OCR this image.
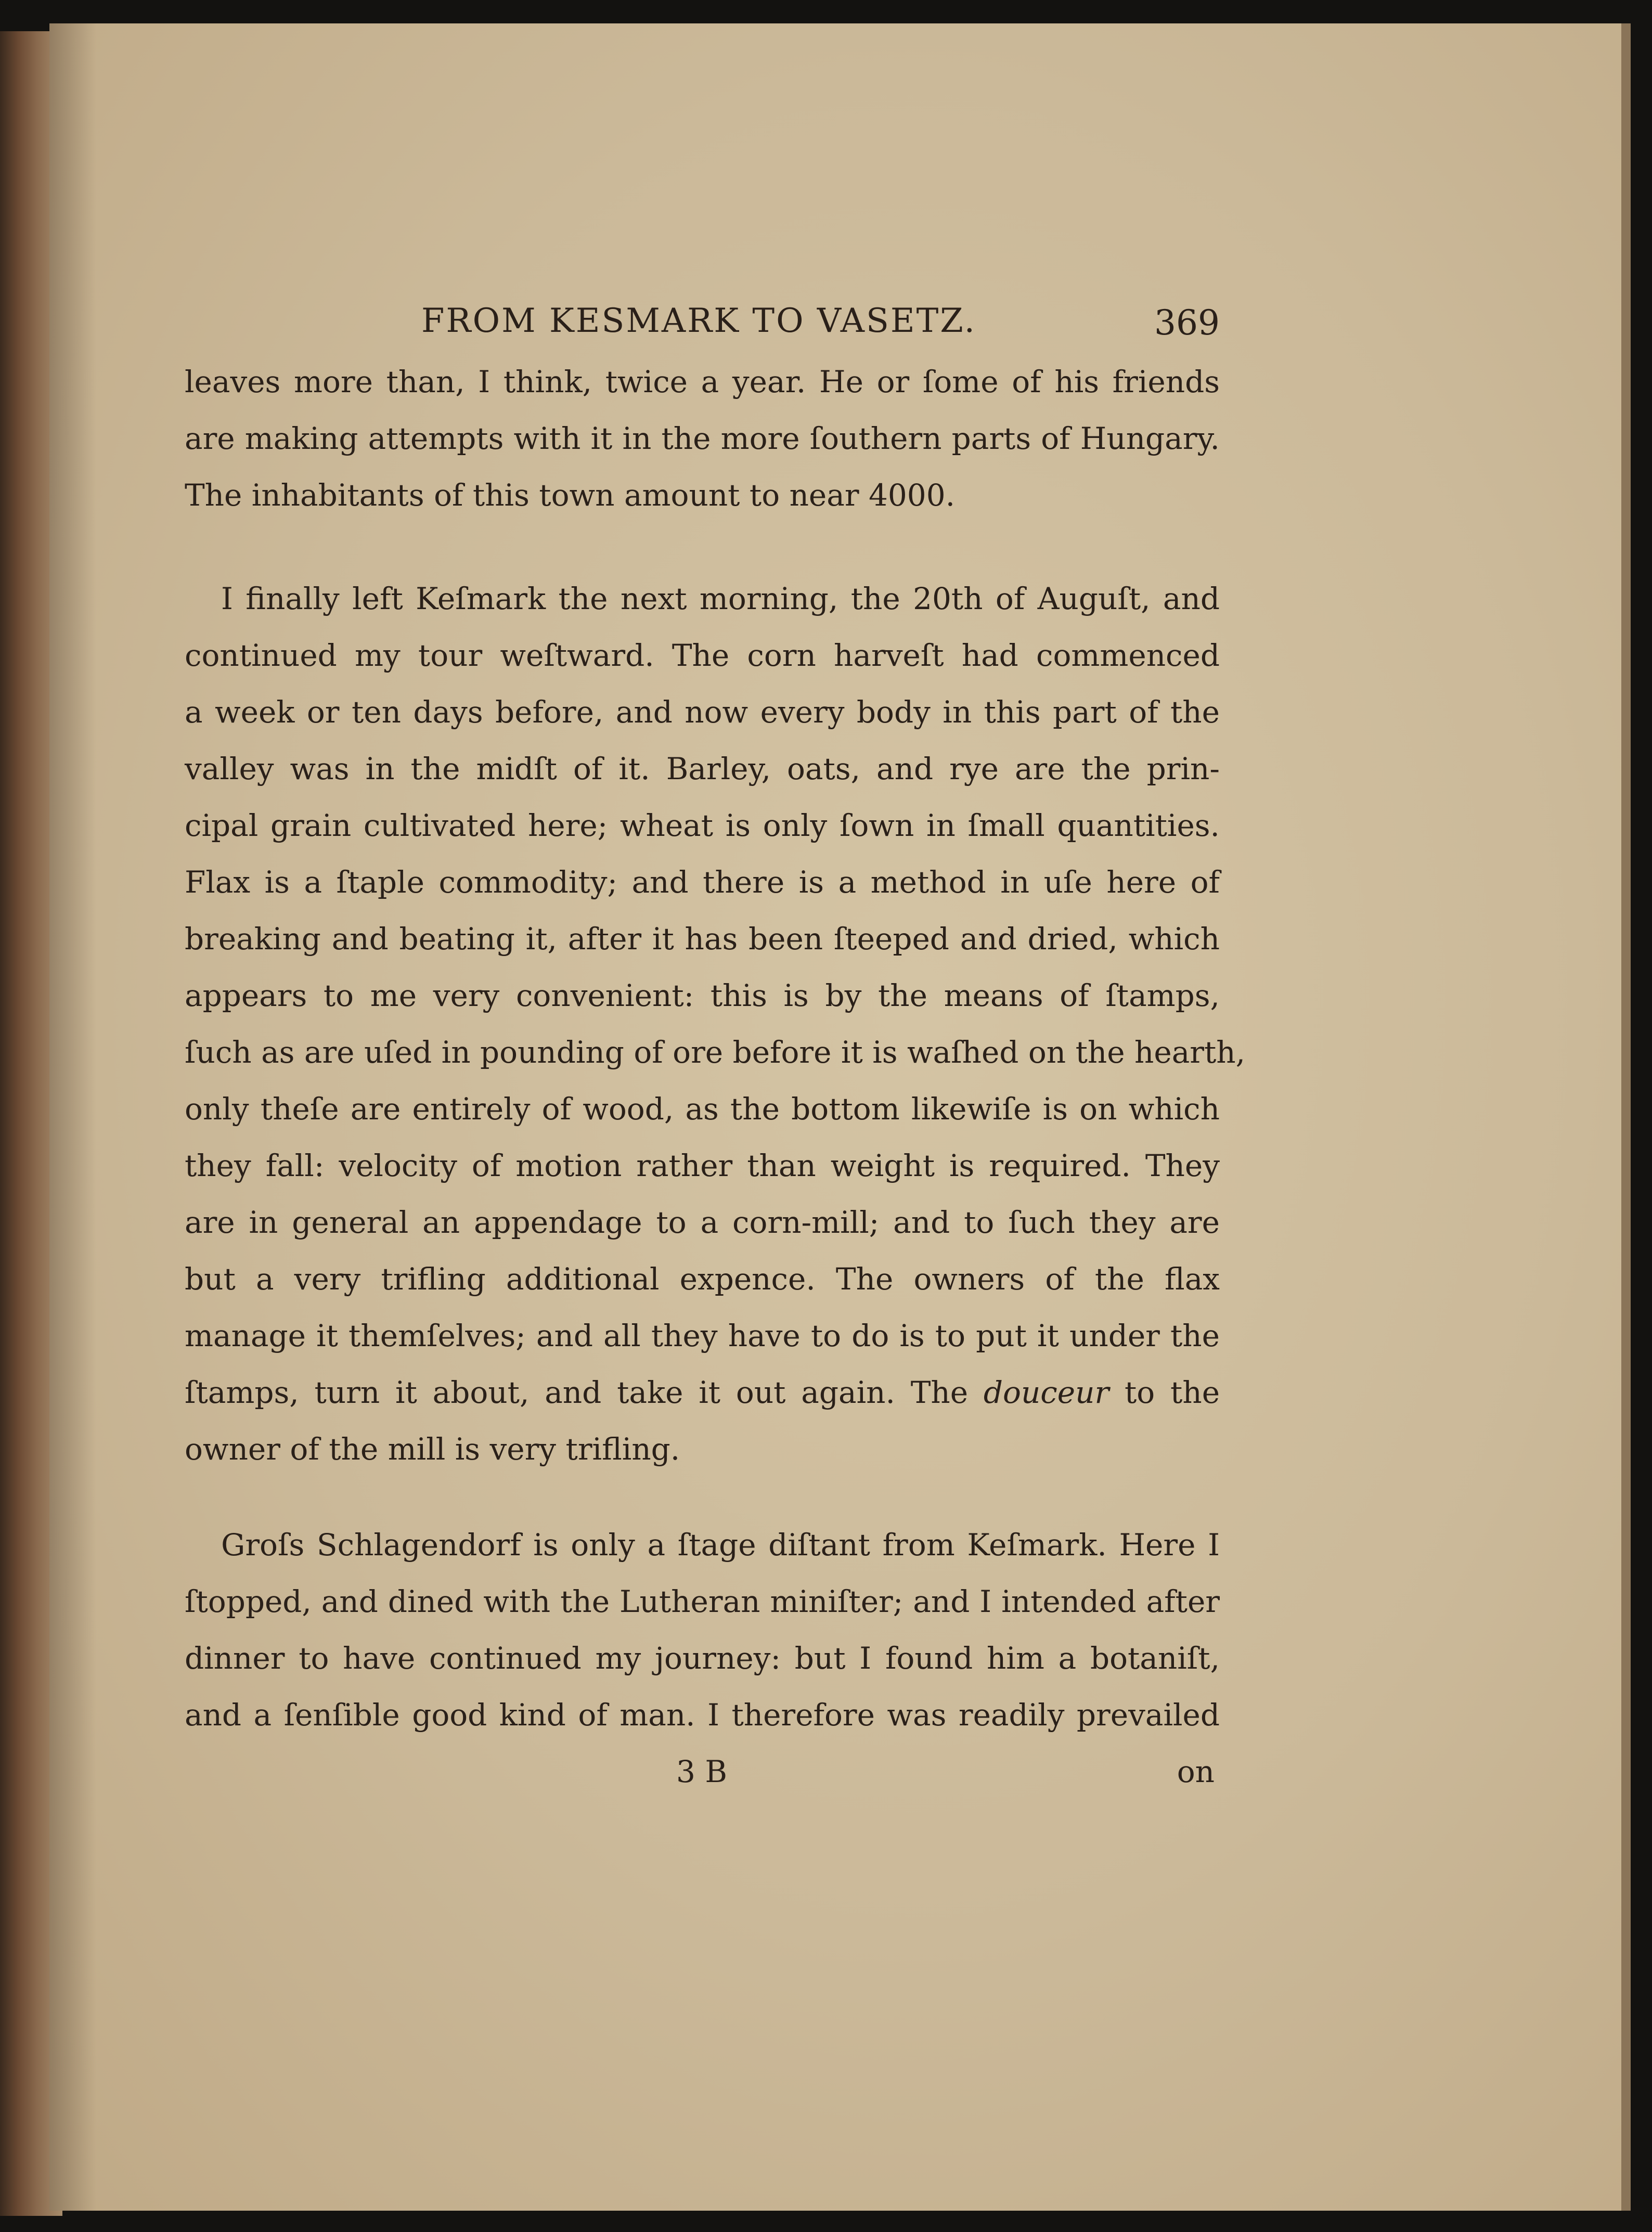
FROM KESMARK TO VASETZ.	369

leaves more than, I think, twice a year. He or ſome of his friends
are making attempts with it in the more ſouthern parts of Hungary.
The inhabitants of this town amount to near 4000.

I finally left Keſmark the next morning, the 20th of Auguſt, and
continued my tour weſtward. The corn harveſt had commenced
a week or ten days before, and now every body in this part of the
valley was in the midſt of it. Barley, oats, and rye are the prin-
cipal grain cultivated here; wheat is only ſown in ſmall quantities.
Flax is a ſtaple commodity; and there is a method in uſe here of
breaking and beating it, after it has been ſteeped and dried, which
appears to me very convenient: this is by the means of ſtamps,
ſuch as are uſed in pounding of ore before it is waſhed on the hearth,
only theſe are entirely of wood, as the bottom likewiſe is on which
they fall: velocity of motion rather than weight is required. They
are in general an appendage to a corn-mill; and to ſuch they are
but a very trifling additional expence. The owners of the flax
manage it themſelves; and all they have to do is to put it under the
ſtamps, turn it about, and take it out again. The douceur to the
owner of the mill is very trifling.

Groſs Schlagendorf is only a ſtage diſtant from Keſmark. Here I
ſtopped, and dined with the Lutheran miniſter; and I intended after
dinner to have continued my journey: but I found him a botaniſt,
and a ſenſible good kind of man. I therefore was readily prevailed

3 B	on
